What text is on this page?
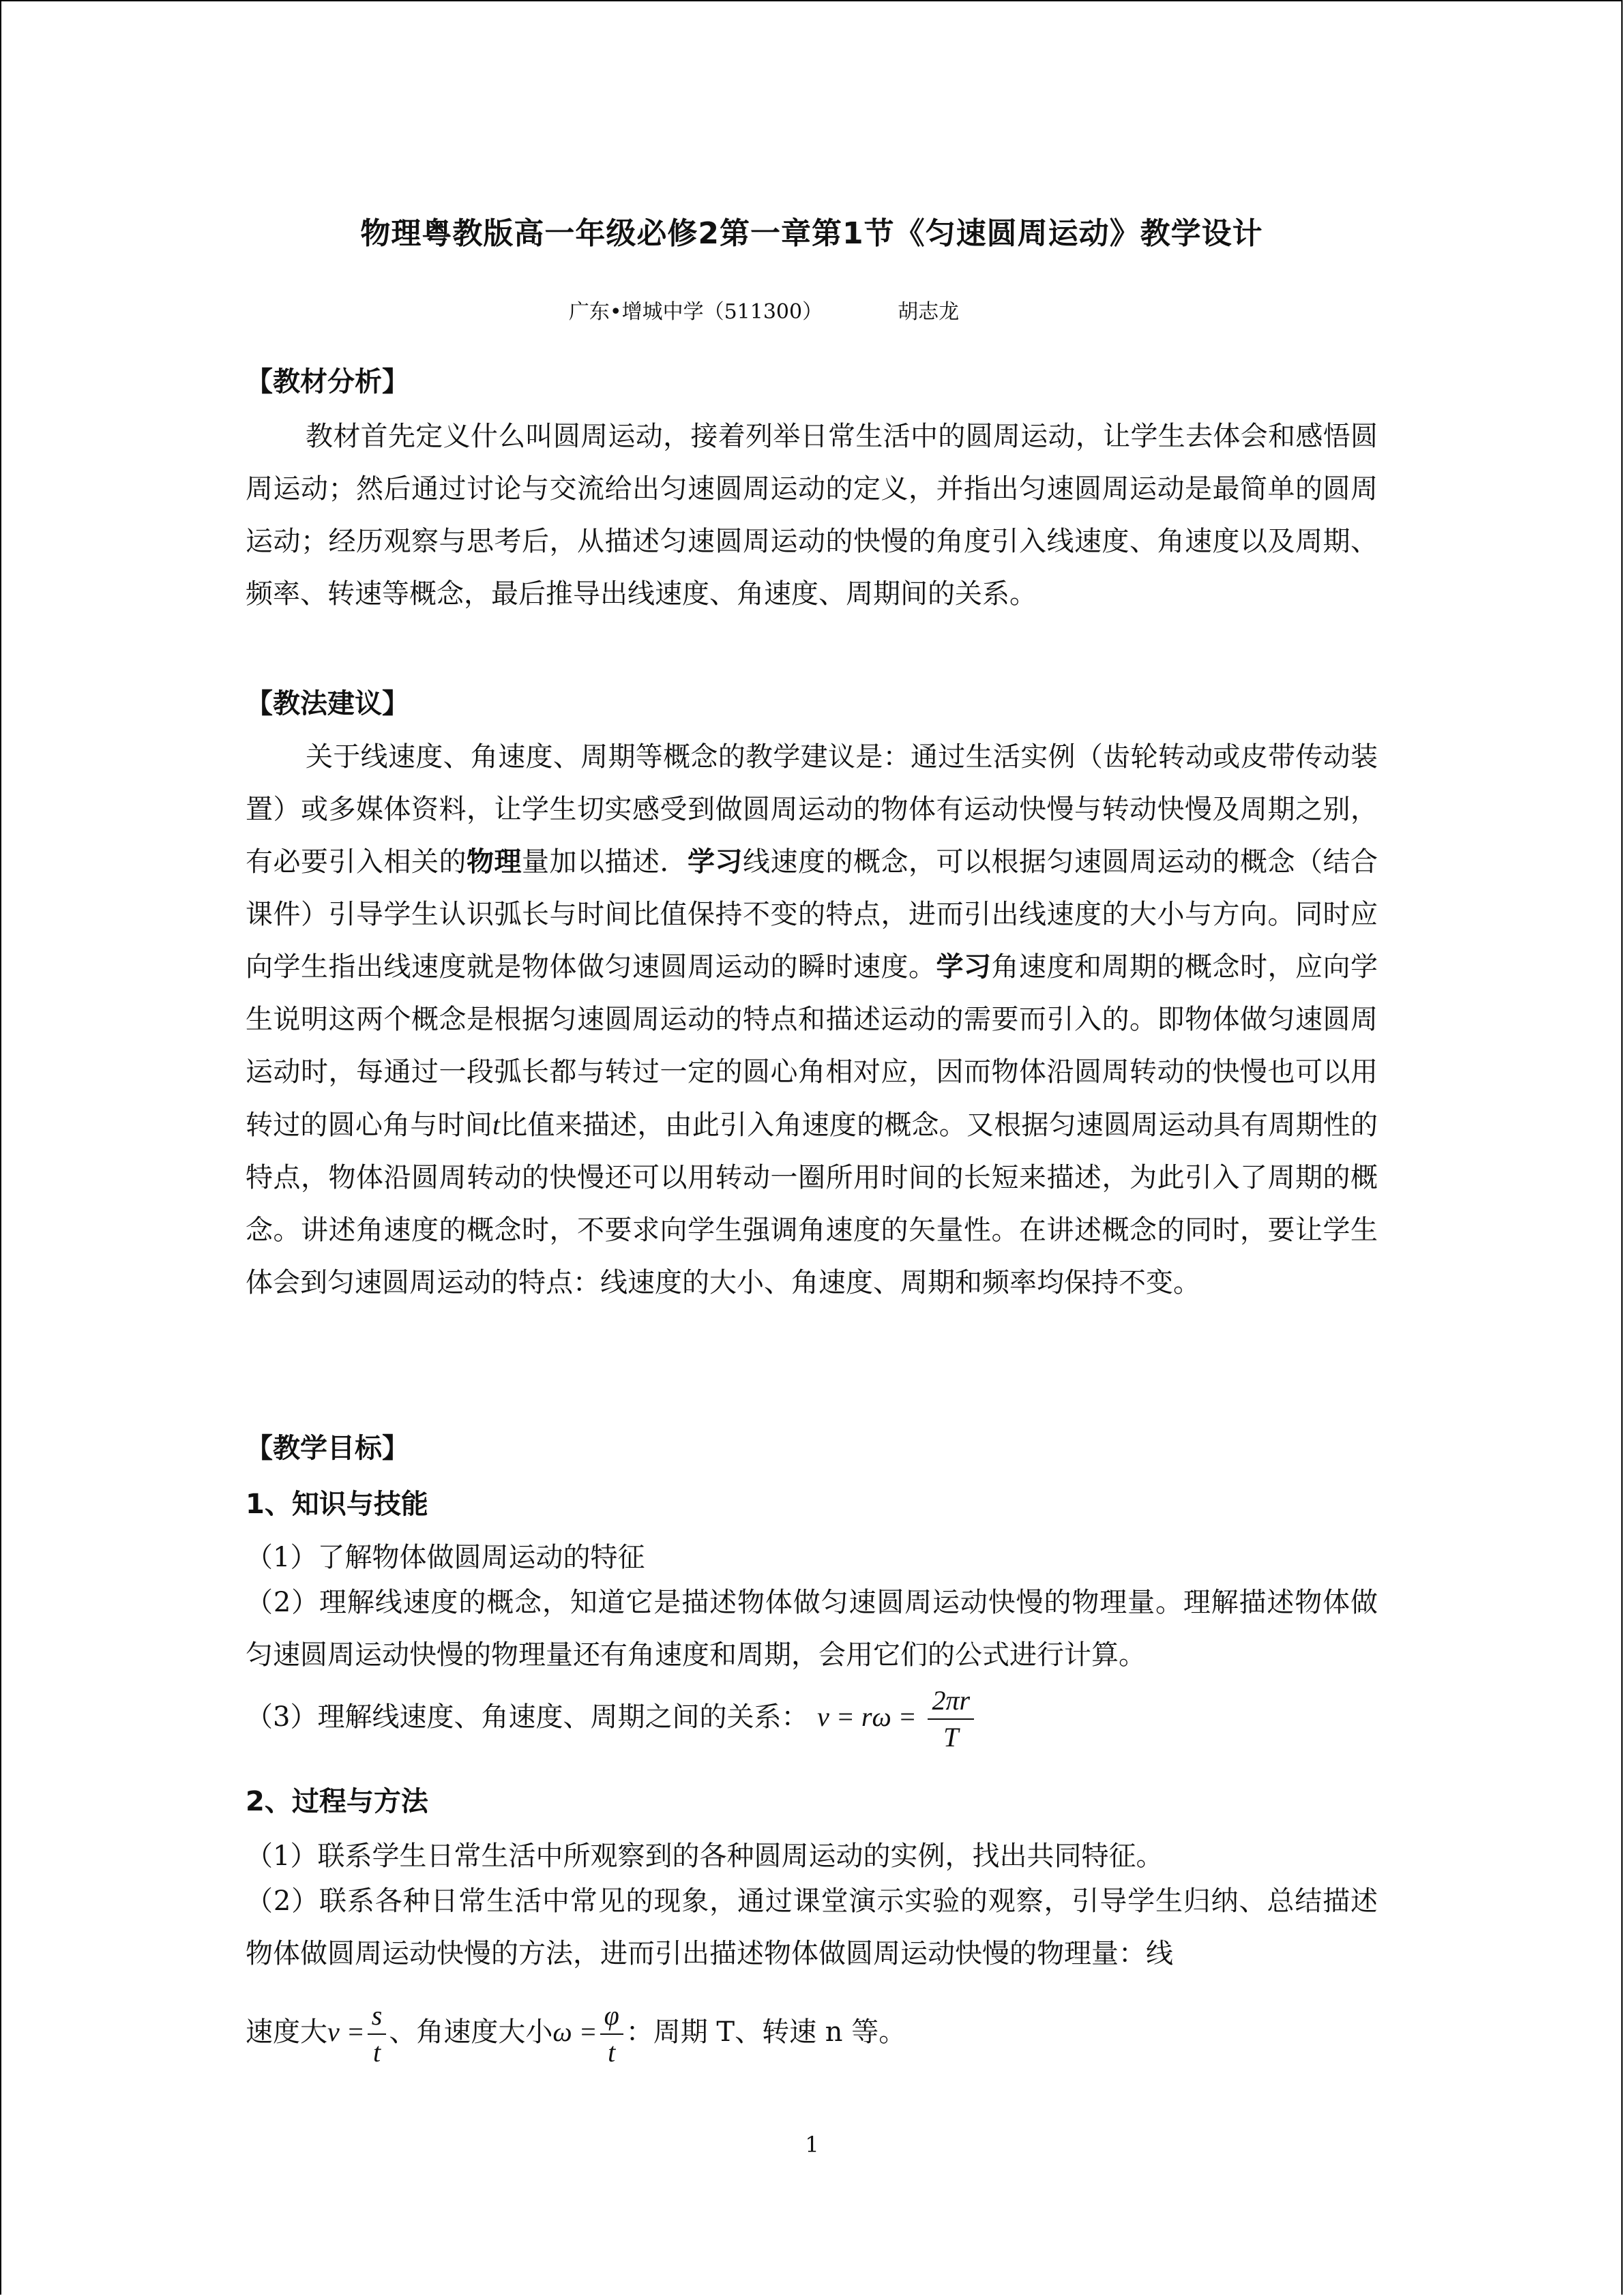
物理粤教版高一年级必修2第一章第1节《匀速圆周运动》教学设计
广东•增城中学（511300）	胡志龙
【教材分析】
教材首先定义什么叫圆周运动，接着列举日常生活中的圆周运动，让学生去体会和感悟圆周运动；然后通过讨论与交流给出匀速圆周运动的定义，并指出匀速圆周运动是最简单的圆周运动；经历观察与思考后，从描述匀速圆周运动的快慢的角度引入线速度、角速度以及周期、频率、转速等概念，最后推导出线速度、角速度、周期间的关系。
【教法建议】
关于线速度、角速度、周期等概念的教学建议是：通过生活实例（齿轮转动或皮带传动装置）或多媒体资料，让学生切实感受到做圆周运动的物体有运动快慢与转动快慢及周期之别，有必要引入相关的物理量加以描述．学习线速度的概念，可以根据匀速圆周运动的概念（结合课件）引导学生认识弧长与时间比值保持不变的特点，进而引出线速度的大小与方向。同时应向学生指出线速度就是物体做匀速圆周运动的瞬时速度。学习角速度和周期的概念时，应向学生说明这两个概念是根据匀速圆周运动的特点和描述运动的需要而引入的。即物体做匀速圆周运动时，每通过一段弧长都与转过一定的圆心角相对应，因而物体沿圆周转动的快慢也可以用转过的圆心角与时间t比值来描述，由此引入角速度的概念。又根据匀速圆周运动具有周期性的特点，物体沿圆周转动的快慢还可以用转动一圈所用时间的长短来描述，为此引入了周期的概念。讲述角速度的概念时，不要求向学生强调角速度的矢量性。在讲述概念的同时，要让学生体会到匀速圆周运动的特点：线速度的大小、角速度、周期和频率均保持不变。
【教学目标】
1、知识与技能
（1）了解物体做圆周运动的特征
（2）理解线速度的概念，知道它是描述物体做匀速圆周运动快慢的物理量。理解描述物体做匀速圆周运动快慢的物理量还有角速度和周期，会用它们的公式进行计算。
（3）理解线速度、角速度、周期之间的关系： $v = r\omega = \frac{2\pi r}{T}$
2、过程与方法
（1）联系学生日常生活中所观察到的各种圆周运动的实例，找出共同特征。
（2）联系各种日常生活中常见的现象，通过课堂演示实验的观察，引导学生归纳、总结描述物体做圆周运动快慢的方法，进而引出描述物体做圆周运动快慢的物理量：线
速度大$v = \frac{s}{t}$ 、角速度大小$\omega = \frac{\varphi}{t}$ ：周期 T、转速 n 等。
1
